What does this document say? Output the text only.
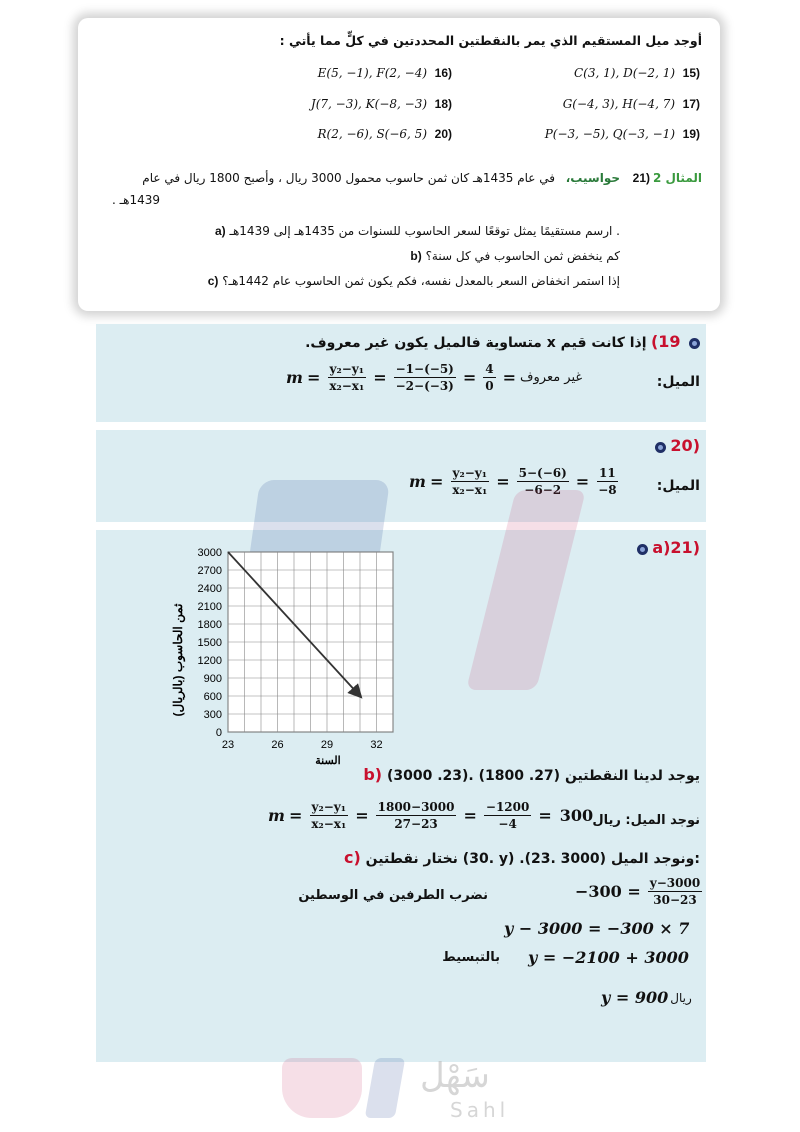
أوجد ميل المستقيم الذي يمر بالنقطتين المحددتين في كلٍّ مما يأتي :
C(3, 1), D(−2, 1) 15)
E(5, −1), F(2, −4) 16)
G(−4, 3), H(−4, 7) 17)
J(7, −3), K(−8, −3) 18)
P(−3, −5), Q(−3, −1) 19)
R(2, −6), S(−6, 5) 20)
المثال 2
21)
حواسيب،
في عام 1435هـ كان ثمن حاسوب محمول 3000 ريال ، وأصبح 1800 ريال في عام
1439هـ .
a) ارسم مستقيمًا يمثل توقعًا لسعر الحاسوب للسنوات من 1435هـ إلى 1439هـ .
b) كم ينخفض ثمن الحاسوب في كل سنة؟
c) إذا استمر انخفاض السعر بالمعدل نفسه، فكم يكون ثمن الحاسوب عام 1442هـ؟
19) إذا كانت قيم x متساوية فالميل يكون غير معروف.
الميل:
$m = \frac{\text{y₂−y₁}}{\text{x₂−x₁}} = \frac{-1-(-5)}{-2-(-3)} = \frac{4}{0}$ = غير معروف
20)
الميل:
$m = \frac{\text{y₂−y₁}}{\text{x₂−x₁}} = \frac{5-(-6)}{-6-2} = \frac{11}{-8}$
a)21)
ثمن الحاسوب (بالريال)
السنة
0
300
600
900
1200
1500
1800
2100
2400
2700
3000
23	26	29	32
b) يوجد لدينا النقطتين (27. 1800) .(23. 3000)
نوجد الميل: ريال
$m = \frac{\text{y₂−y₁}}{\text{x₂−x₁}} = \frac{1800-3000}{27-23} = \frac{-1200}{-4} = 300$
c) نختار نقطتين (30. y) .(23. 3000) ونوجد الميل:
$-300 = \frac{y-3000}{30-23}$
نضرب الطرفين في الوسطين
y − 3000 = −300 × 7
y = −2100 + 3000
بالتبسيط
y = 900 ريال
سَهْل
Sahl
